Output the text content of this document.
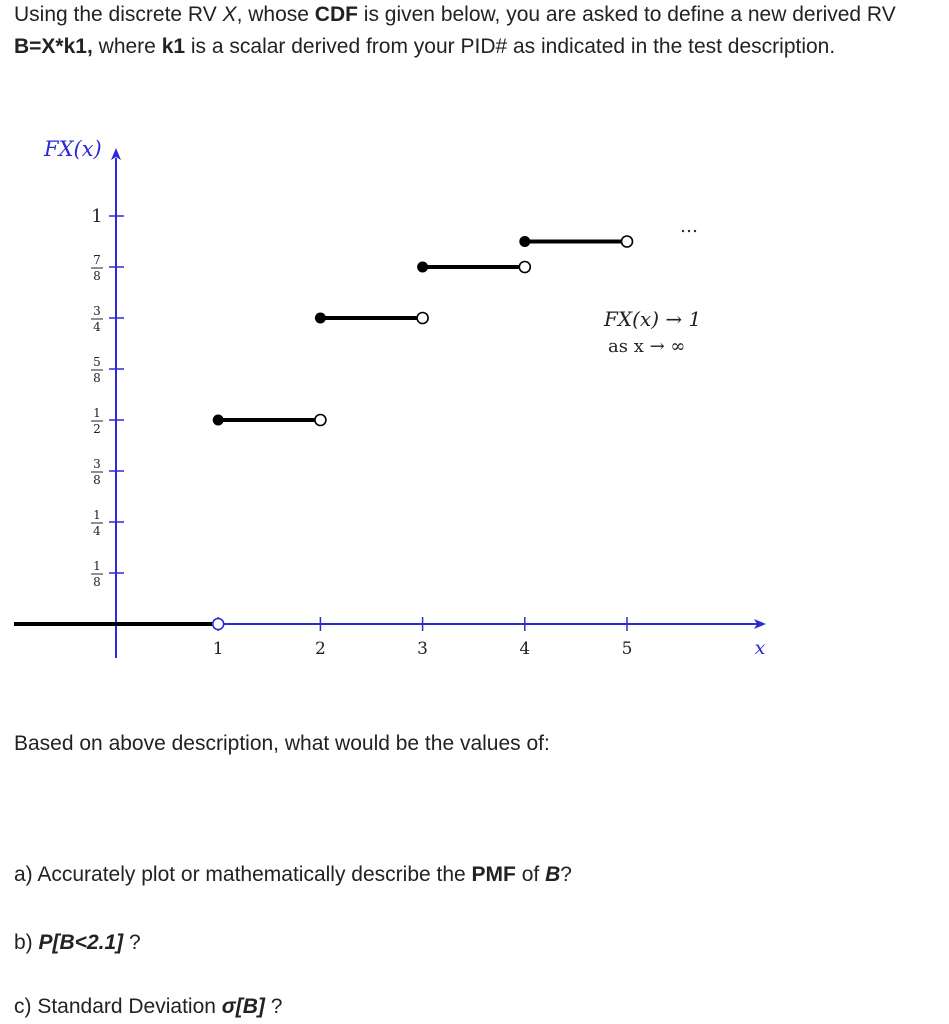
Using the discrete RV X, whose CDF is given below, you are asked to define a new derived RV

B=X*k1, where k1 is a scalar derived from your PID# as indicated in the test description.

1
8
1
4
3
8
1
2
5
8
3
4
7
8
1
1	2	3	4	5
FX(x)
x
…
FX(x) → 1
as x → ∞

Based on above description, what would be the values of:

a) Accurately plot or mathematically describe the PMF of B?

b) P[B<2.1] ?

c) Standard Deviation σ[B] ?
